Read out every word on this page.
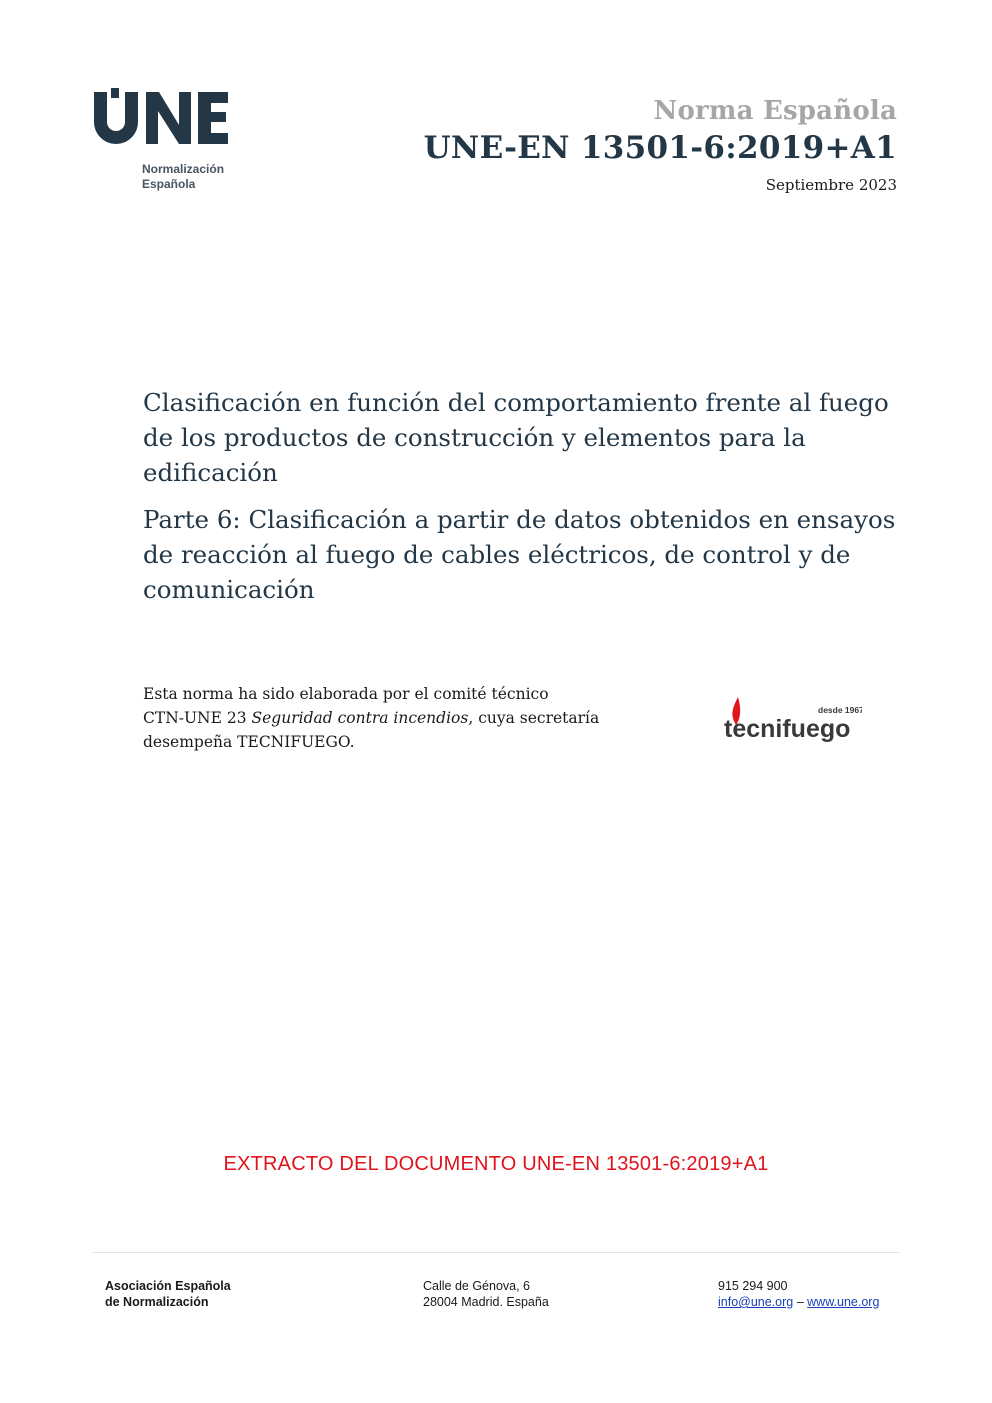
Normalización
Española
Norma Española
UNE-EN 13501-6:2019+A1
Septiembre 2023

Clasificación en función del comportamiento frente al fuego de los productos de construcción y elementos para la edificación

Parte 6: Clasificación a partir de datos obtenidos en ensayos de reacción al fuego de cables eléctricos, de control y de comunicación

Esta norma ha sido elaborada por el comité técnico
CTN-UNE 23 Seguridad contra incendios, cuya secretaría
desempeña TECNIFUEGO.	tecnifuego
desde 1967
EXTRACTO DEL DOCUMENTO UNE-EN 13501-6:2019+A1
Asociación Española
de Normalización
Calle de Génova, 6
28004 Madrid. España
915 294 900
info@une.org – www.une.org
